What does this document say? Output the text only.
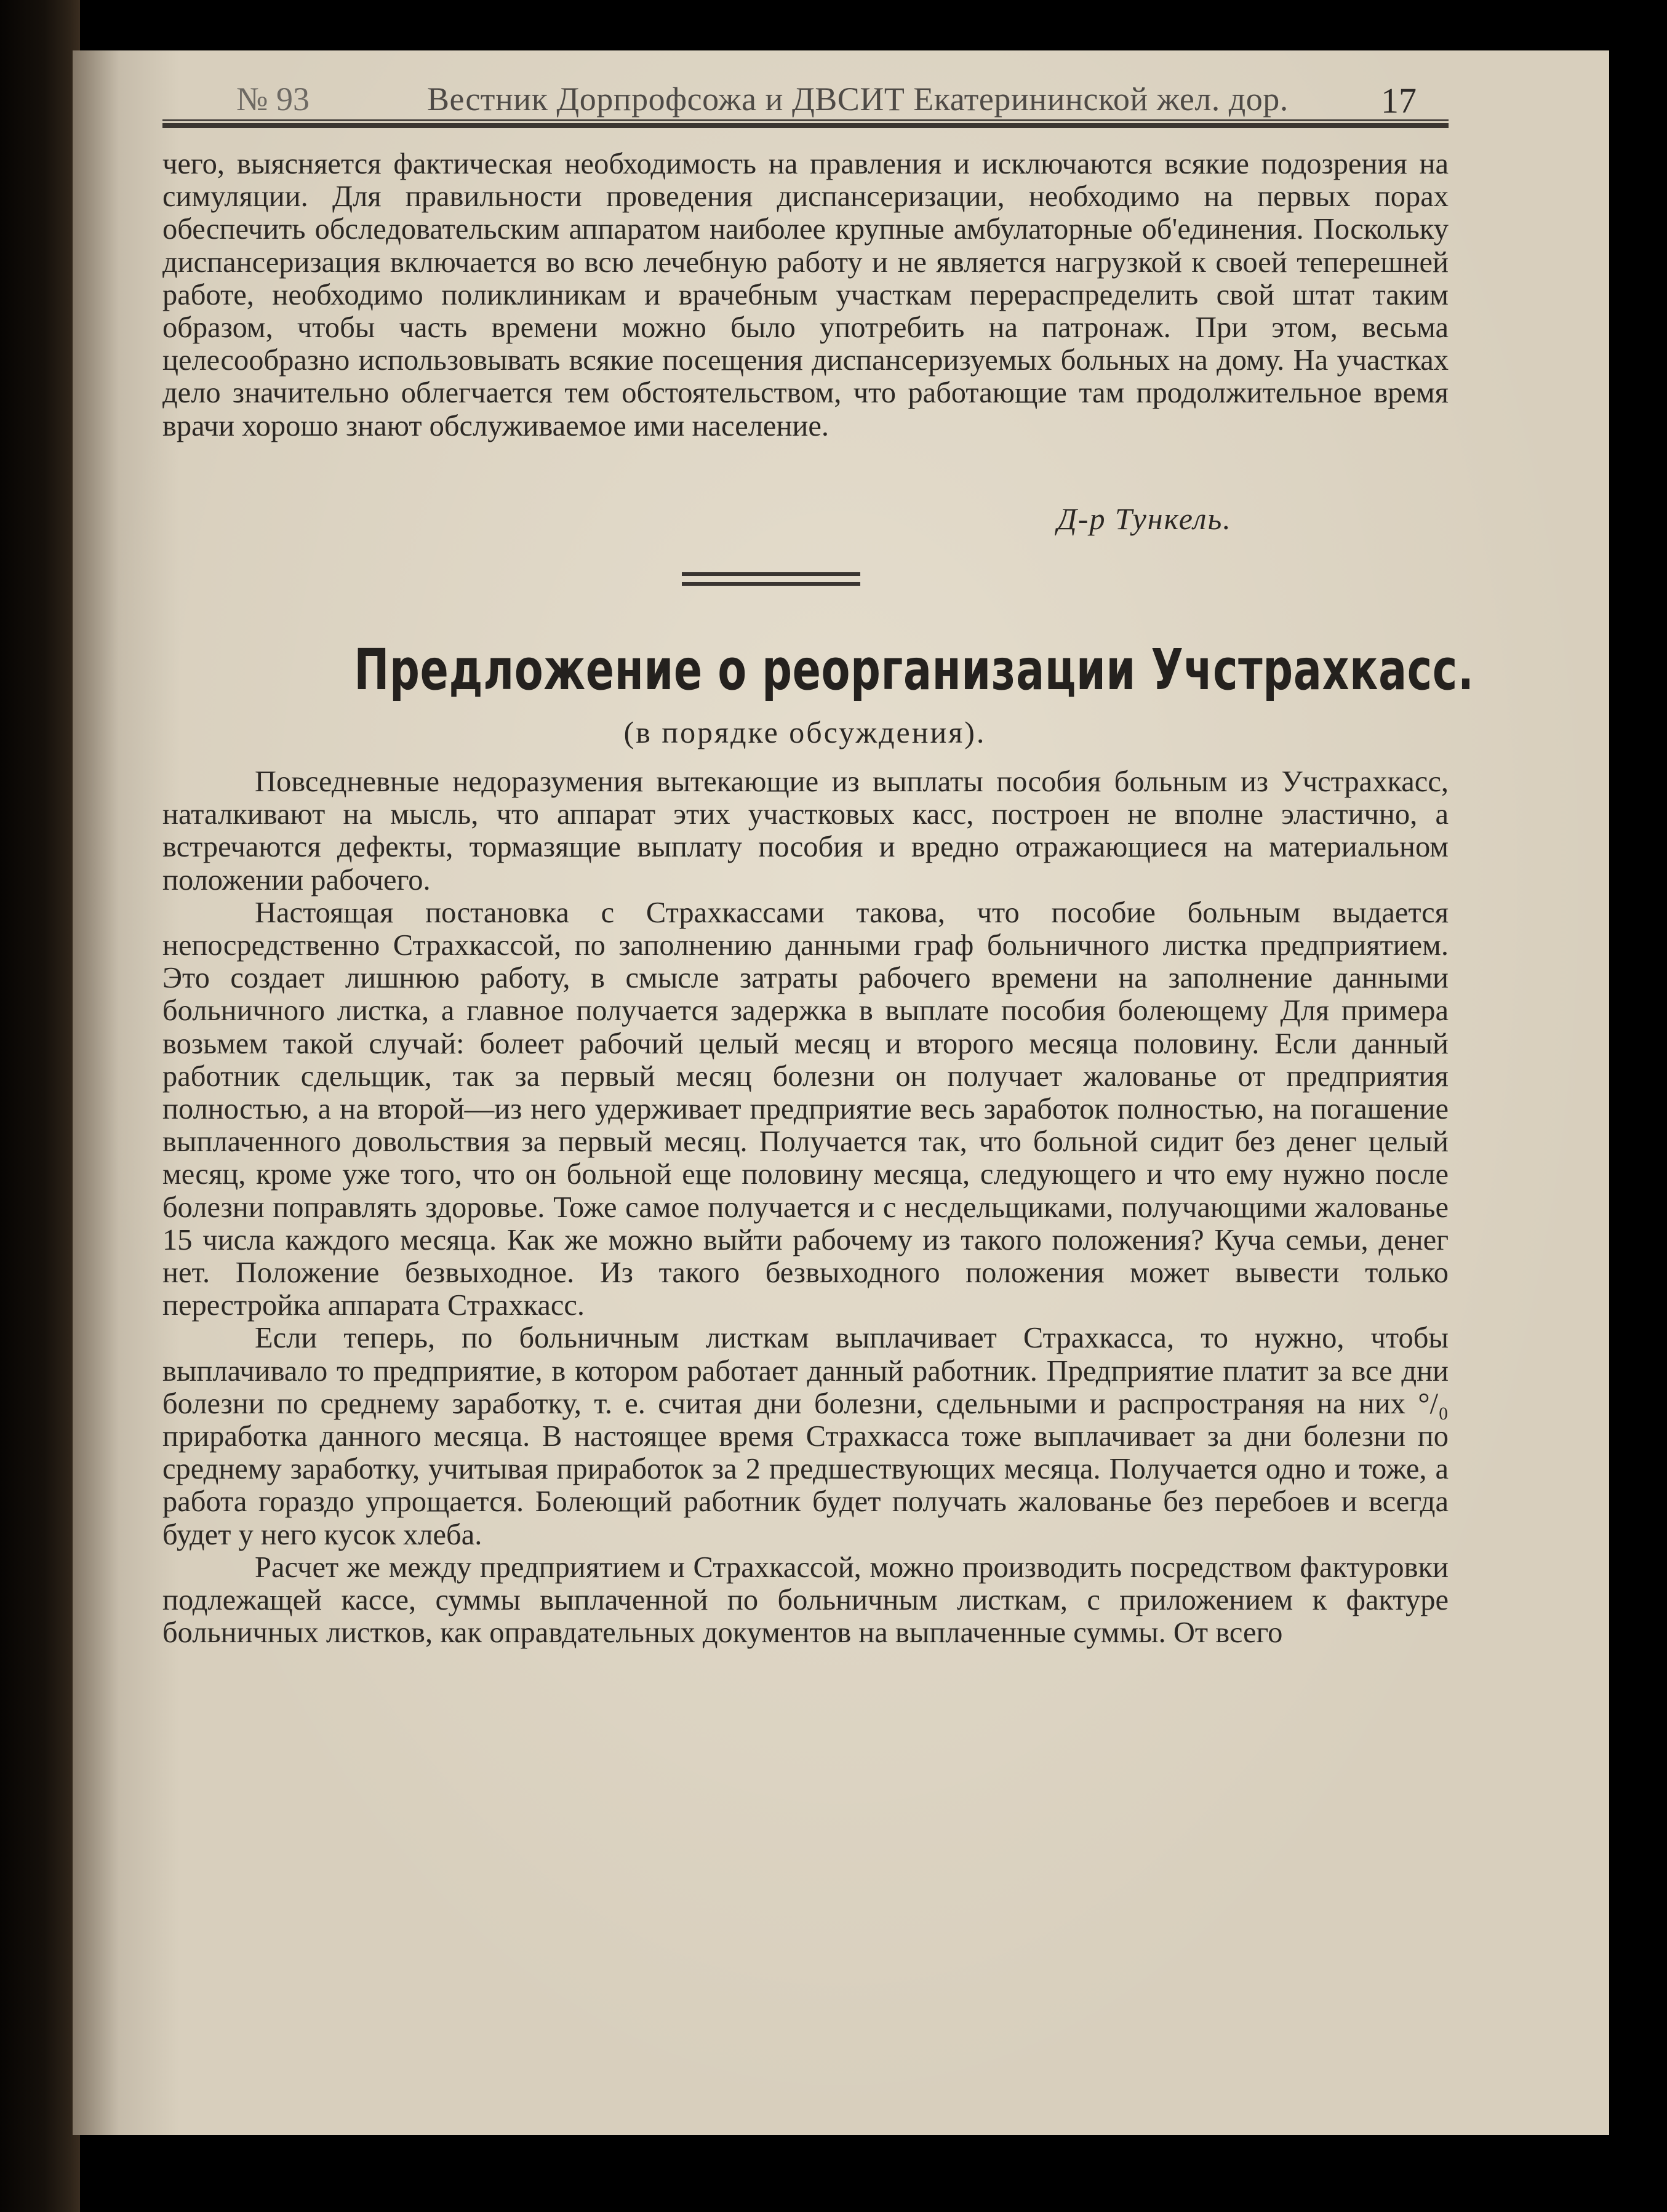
№ 93	Вестник Дорпрофсожа и ДВСИТ Екатерининской жел. дор.	17

чего, выясняется фактическая необходимость на правления и исключаются всякие подозрения на симуляции. Для правильности проведения диспансеризации, необходимо на первых порах обеспечить обследовательским аппаратом наиболее крупные амбулаторные об'единения. Поскольку диспансеризация включается во всю лечебную работу и не является нагрузкой к своей теперешней работе, необходимо поликлиникам и врачебным участкам перераспределить свой штат таким образом, чтобы часть времени можно было употребить на патронаж. При этом, весьма целесообразно использовывать всякие посещения диспансеризуемых больных на дому. На участках дело значительно облегчается тем обстоятельством, что работающие там продолжительное время врачи хорошо знают обслуживаемое ими население.

Д-р Тункель.
Предложение о реорганизации Учстрахкасс.
(в порядке обсуждения).

Повседневные недоразумения вытекающие из выплаты пособия больным из Учстрахкасс, наталкивают на мысль, что аппарат этих участковых касс, построен не вполне эластично, а встречаются дефекты, тормазящие выплату пособия и вредно отражающиеся на материальном положении рабочего.

Настоящая постановка с Страхкассами такова, что пособие больным выдается непосредственно Страхкассой, по заполнению данными граф больничного листка предприятием. Это создает лишнюю работу, в смысле затраты рабочего времени на заполнение данными больничного листка, а главное получается задержка в выплате пособия болеющему Для примера возьмем такой случай: болеет рабочий целый месяц и второго месяца половину. Если данный работник сдельщик, так за первый месяц болезни он получает жалованье от предприятия полностью, а на второй—из него удерживает предприятие весь заработок полностью, на погашение выплаченного довольствия за первый месяц. Получается так, что больной сидит без денег целый месяц, кроме уже того, что он больной еще половину месяца, следующего и что ему нужно после болезни поправлять здоровье. Тоже самое получается и с несдельщиками, получающими жалованье 15 числа каждого месяца. Как же можно выйти рабочему из такого положения? Куча семьи, денег нет. Положение безвыходное. Из такого безвыходного положения может вывести только перестройка аппарата Страхкасс.

Если теперь, по больничным листкам выплачивает Страхкасса, то нужно, чтобы выплачивало то предприятие, в котором работает данный работник. Предприятие платит за все дни болезни по среднему заработку, т. е. считая дни болезни, сдельными и распространяя на них °/₀ приработка данного месяца. В настоящее время Страхкасса тоже выплачивает за дни болезни по среднему заработку, учитывая приработок за 2 предшествующих месяца. Получается одно и тоже, а работа гораздо упрощается. Болеющий работник будет получать жалованье без перебоев и всегда будет у него кусок хлеба.

Расчет же между предприятием и Страхкассой, можно производить посредством фактуровки подлежащей кассе, суммы выплаченной по больничным листкам, с приложением к фактуре больничных листков, как оправдательных документов на выплаченные суммы. От всего
